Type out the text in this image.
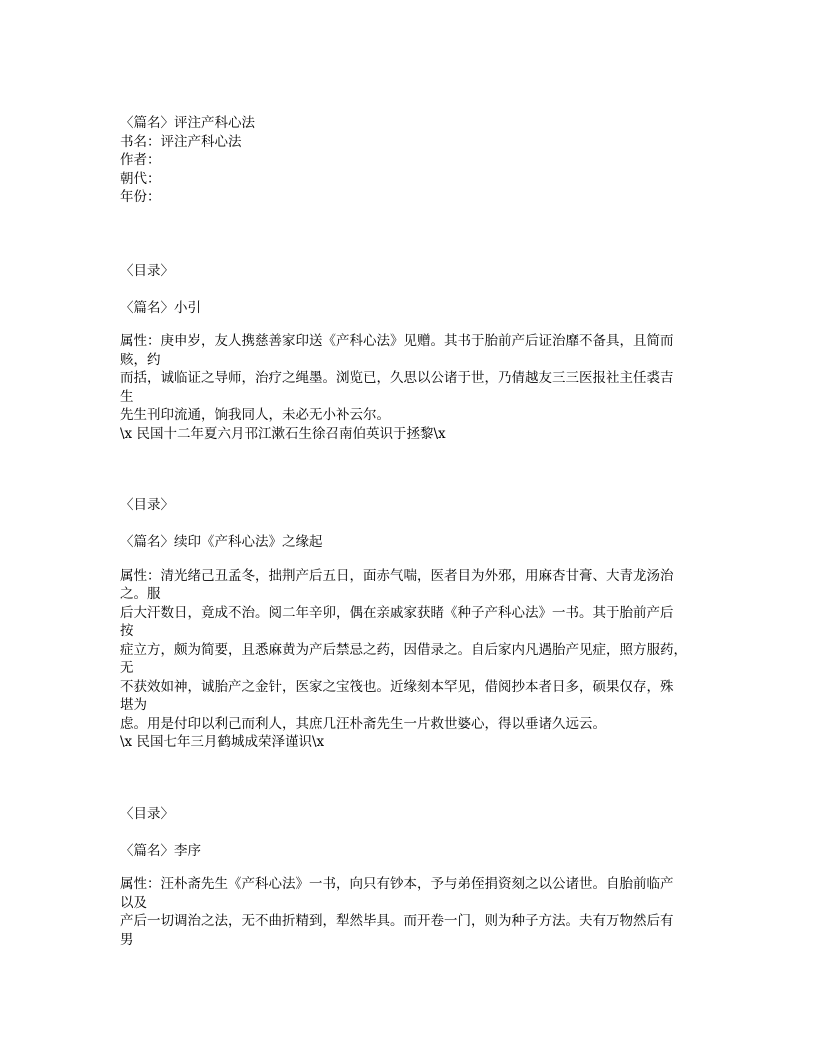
〈篇名〉评注产科心法
书名：评注产科心法
作者：
朝代：
年份：
〈目录〉
〈篇名〉小引
属性：庚申岁，友人携慈善家印送《产科心法》见赠。其书于胎前产后证治靡不备具，且简而
赅，约
而括，诚临证之导师，治疗之绳墨。浏览已，久思以公诸于世，乃倩越友三三医报社主任裘吉
生
先生刊印流通，饷我同人，未必无小补云尔。
\x 民国十二年夏六月邗江漱石生徐召南伯英识于拯黎\x
〈目录〉
〈篇名〉续印《产科心法》之缘起
属性：清光绪己丑孟冬，拙荆产后五日，面赤气喘，医者目为外邪，用麻杏甘膏、大青龙汤治
之。服
后大汗数日，竟成不治。阅二年辛卯，偶在亲戚家获睹《种子产科心法》一书。其于胎前产后
按
症立方，颇为简要，且悉麻黄为产后禁忌之药，因借录之。自后家内凡遇胎产见症，照方服药，
无
不获效如神，诚胎产之金针，医家之宝筏也。近缘刻本罕见，借阅抄本者日多，硕果仅存，殊
堪为
虑。用是付印以利己而利人，其庶几汪朴斋先生一片救世婆心，得以垂诸久远云。
\x 民国七年三月鹤城成荣泽谨识\x
〈目录〉
〈篇名〉李序
属性：汪朴斋先生《产科心法》一书，向只有钞本，予与弟侄捐资刻之以公诸世。自胎前临产
以及
产后一切调治之法，无不曲折精到，犁然毕具。而开卷一门，则为种子方法。夫有万物然后有
男
